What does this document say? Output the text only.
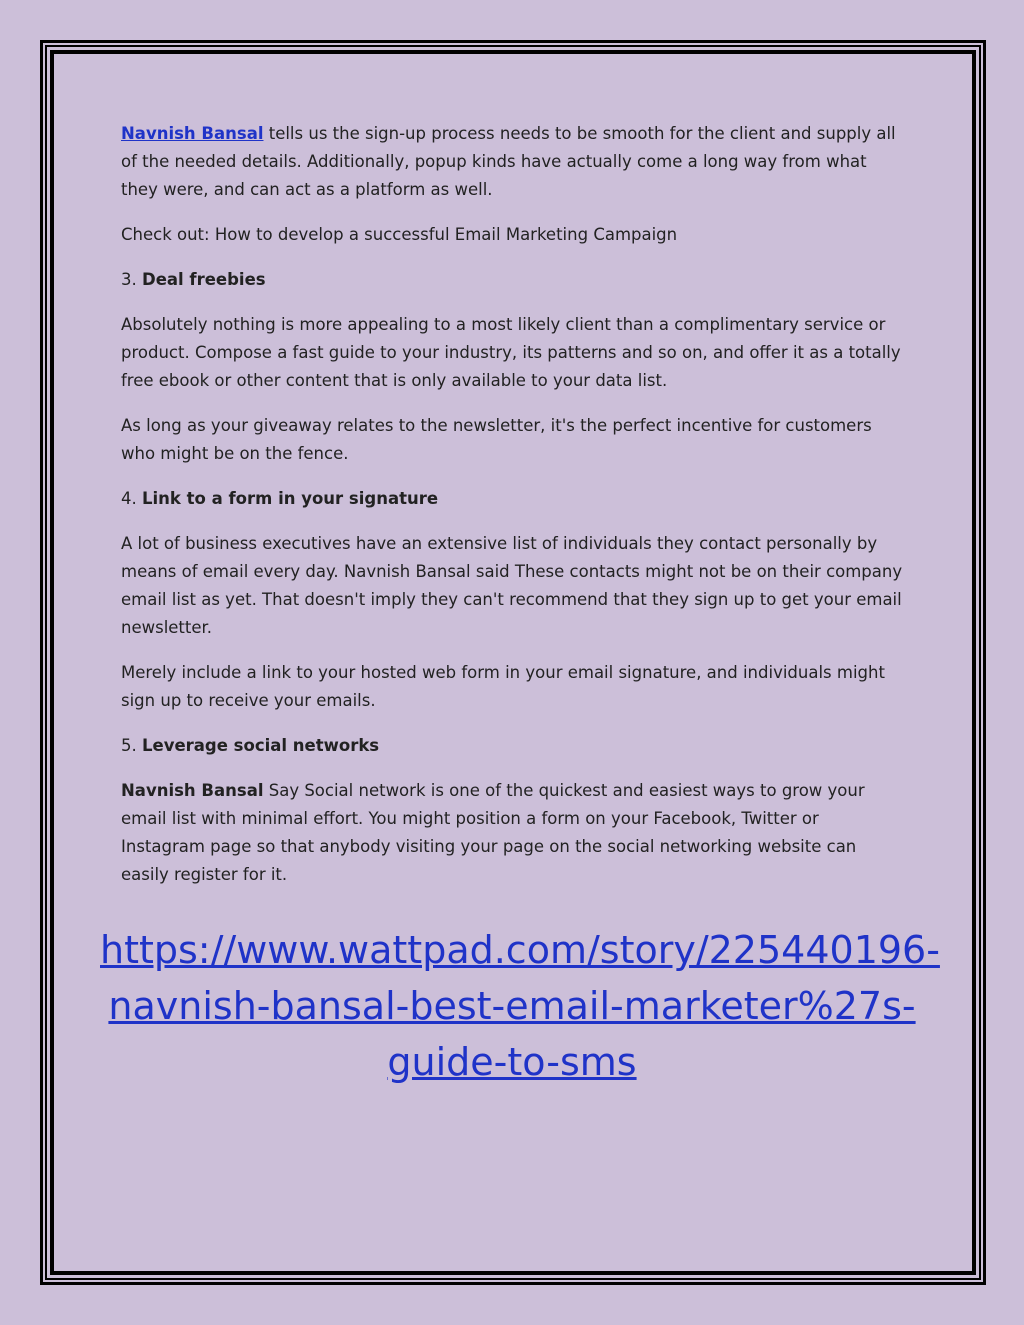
Navnish Bansal tells us the sign-up process needs to be smooth for the client and supply all of the needed details. Additionally, popup kinds have actually come a long way from what they were, and can act as a platform as well.

Check out: How to develop a successful Email Marketing Campaign

3. Deal freebies

Absolutely nothing is more appealing to a most likely client than a complimentary service or product. Compose a fast guide to your industry, its patterns and so on, and offer it as a totally free ebook or other content that is only available to your data list.

As long as your giveaway relates to the newsletter, it's the perfect incentive for customers who might be on the fence.

4. Link to a form in your signature

A lot of business executives have an extensive list of individuals they contact personally by means of email every day. Navnish Bansal said These contacts might not be on their company email list as yet. That doesn't imply they can't recommend that they sign up to get your email newsletter.

Merely include a link to your hosted web form in your email signature, and individuals might sign up to receive your emails.

5. Leverage social networks

Navnish Bansal Say Social network is one of the quickest and easiest ways to grow your email list with minimal effort. You might position a form on your Facebook, Twitter or Instagram page so that anybody visiting your page on the social networking website can easily register for it.

https://www.wattpad.com/story/225440196-
navnish-bansal-best-email-marketer%27s-
guide-to-sms
